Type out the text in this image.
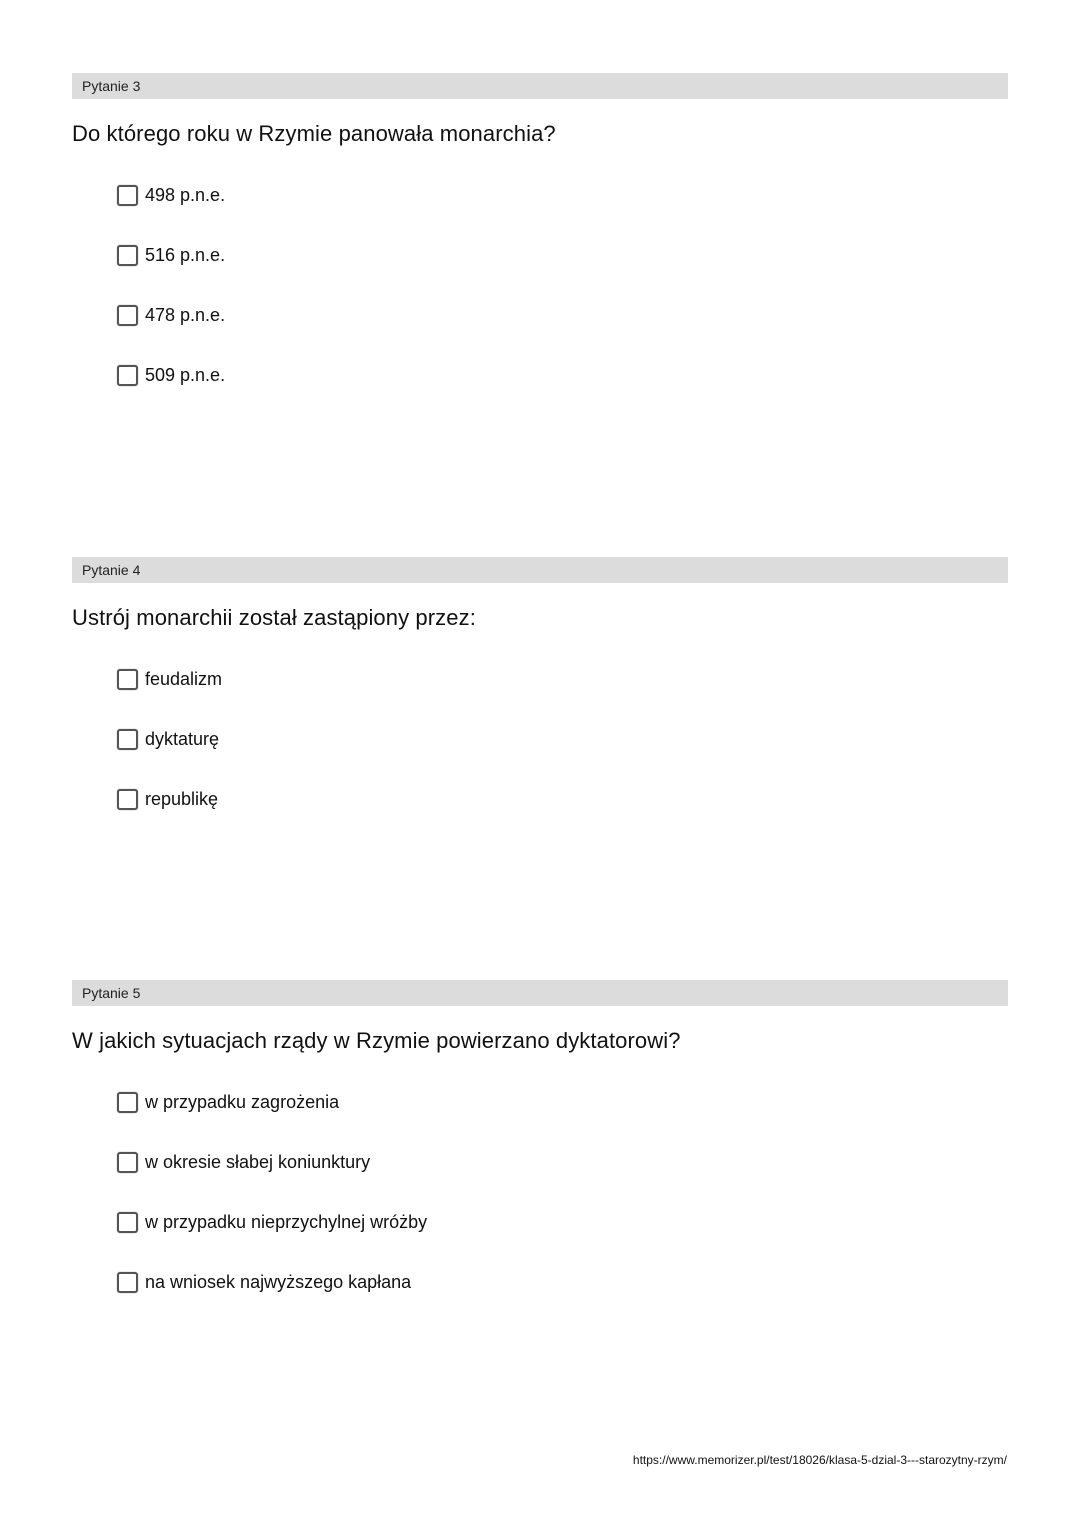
Pytanie 3
Do którego roku w Rzymie panowała monarchia?
498 p.n.e.
516 p.n.e.
478 p.n.e.
509 p.n.e.
Pytanie 4
Ustrój monarchii został zastąpiony przez:
feudalizm
dyktaturę
republikę
Pytanie 5
W jakich sytuacjach rządy w Rzymie powierzano dyktatorowi?
w przypadku zagrożenia
w okresie słabej koniunktury
w przypadku nieprzychylnej wróżby
na wniosek najwyższego kapłana
https://www.memorizer.pl/test/18026/klasa-5-dzial-3---starozytny-rzym/
